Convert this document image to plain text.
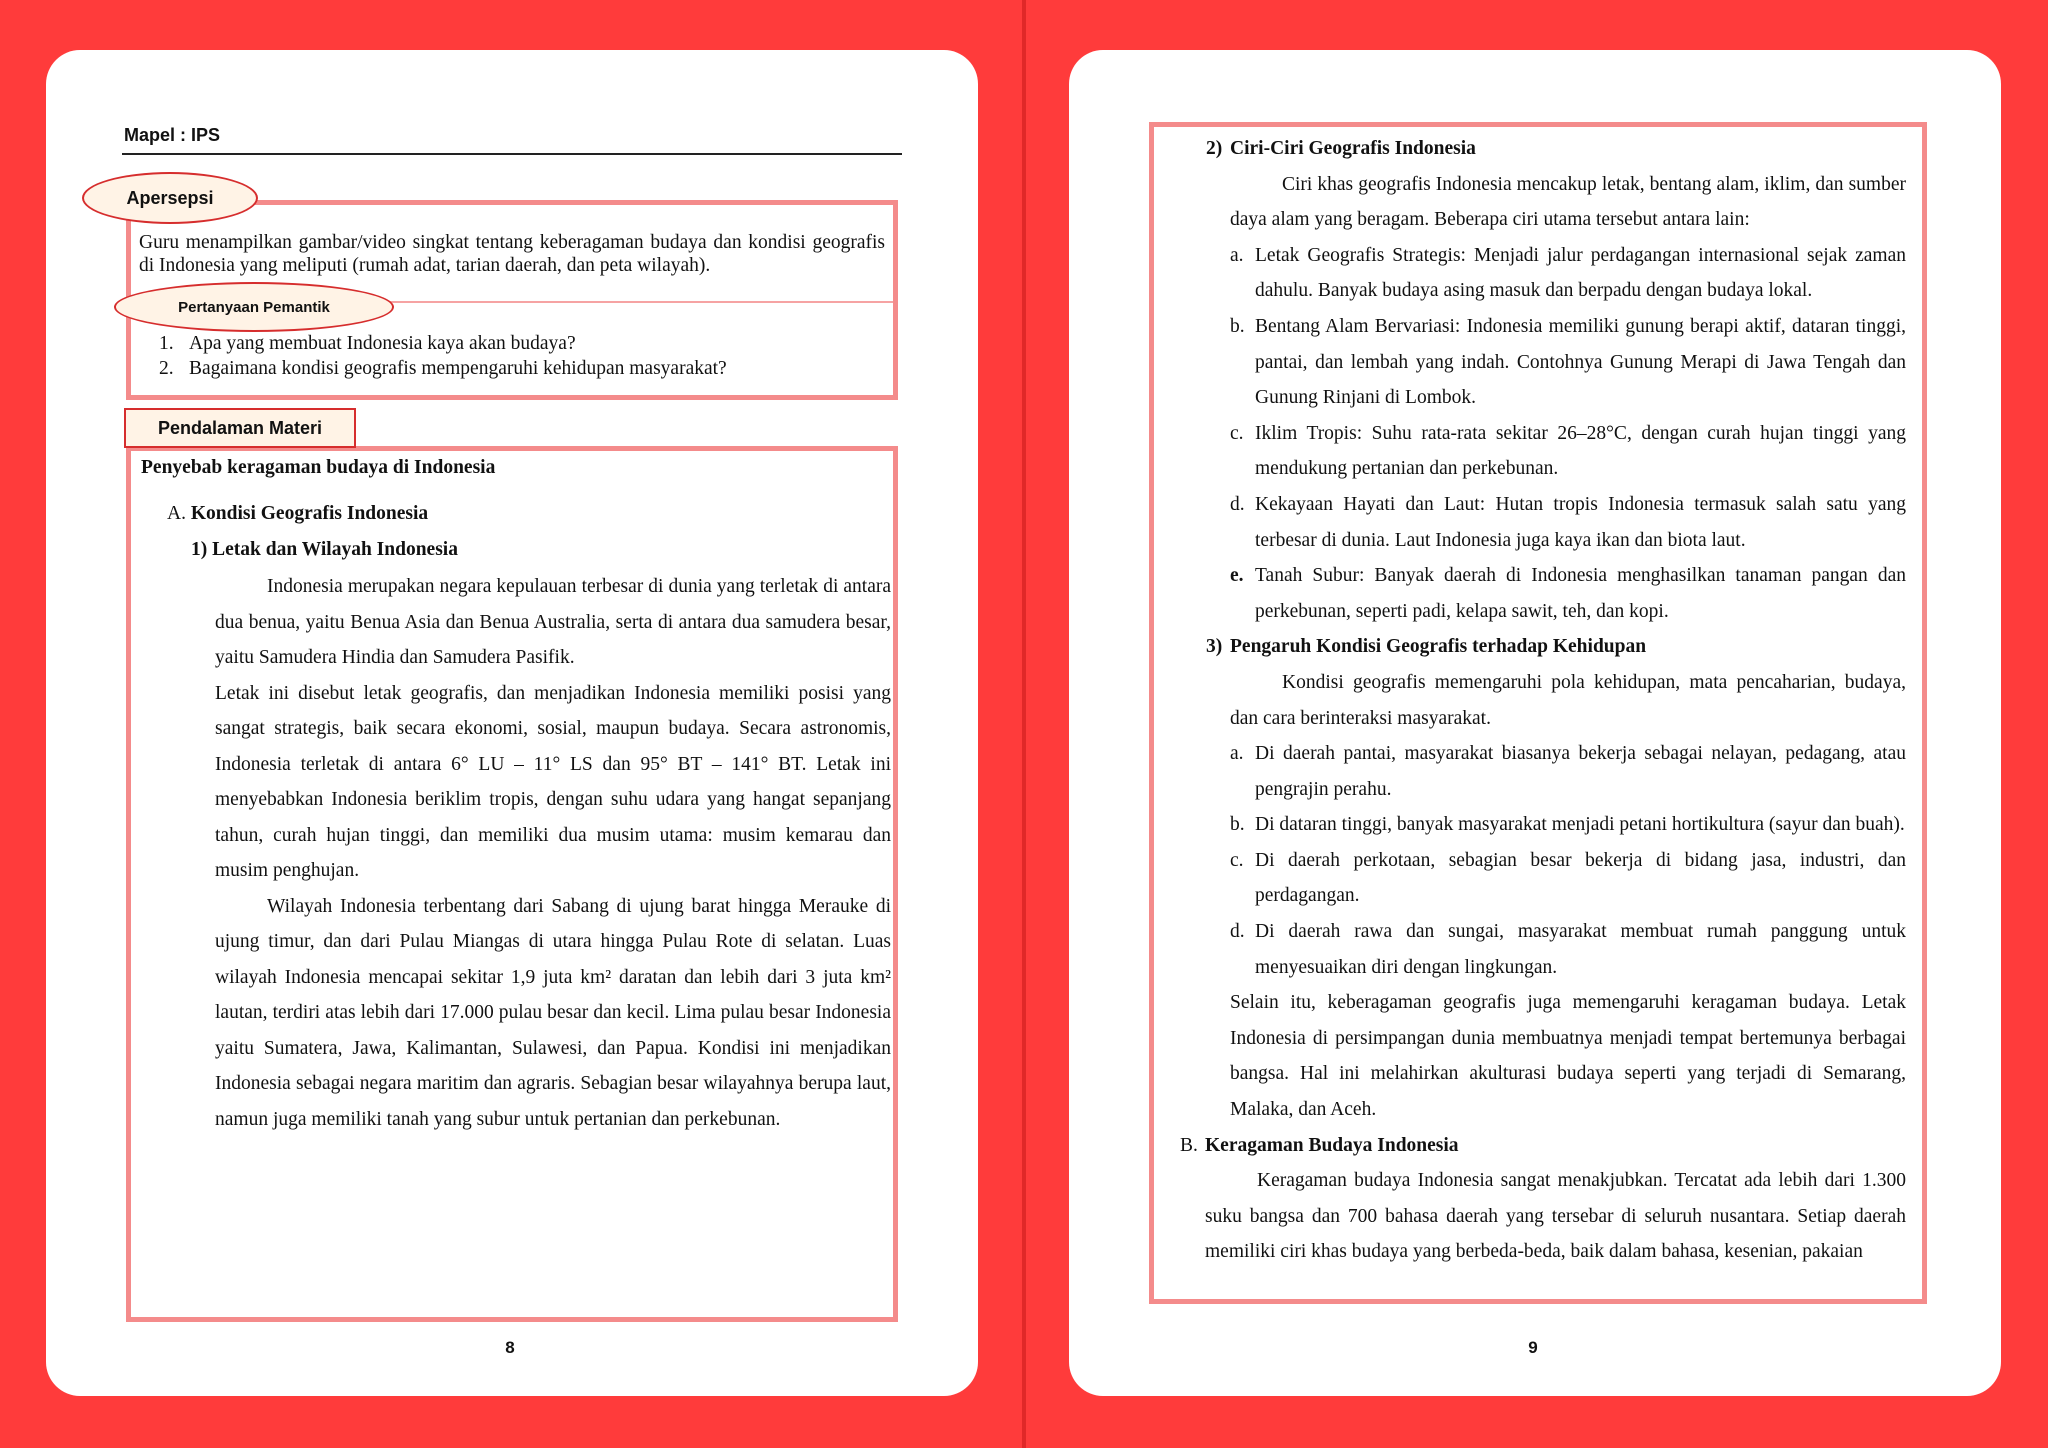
Mapel : IPS
Guru menampilkan gambar/video singkat tentang keberagaman budaya dan kondisi geografis di Indonesia yang meliputi (rumah adat, tarian daerah, dan peta wilayah).
1. Apa yang membuat Indonesia kaya akan budaya?
2. Bagaimana kondisi geografis mempengaruhi kehidupan masyarakat?
Apersepsi
Pertanyaan Pemantik
Penyebab keragaman budaya di Indonesia
A. Kondisi Geografis Indonesia
1) Letak dan Wilayah Indonesia

Indonesia merupakan negara kepulauan terbesar di dunia yang terletak di antara dua benua, yaitu Benua Asia dan Benua Australia, serta di antara dua samudera besar, yaitu Samudera Hindia dan Samudera Pasifik.

Letak ini disebut letak geografis, dan menjadikan Indonesia memiliki posisi yang sangat strategis, baik secara ekonomi, sosial, maupun budaya. Secara astronomis, Indonesia terletak di antara 6° LU – 11° LS dan 95° BT – 141° BT. Letak ini menyebabkan Indonesia beriklim tropis, dengan suhu udara yang hangat sepanjang tahun, curah hujan tinggi, dan memiliki dua musim utama: musim kemarau dan musim penghujan.

Wilayah Indonesia terbentang dari Sabang di ujung barat hingga Merauke di ujung timur, dan dari Pulau Miangas di utara hingga Pulau Rote di selatan. Luas wilayah Indonesia mencapai sekitar 1,9 juta km² daratan dan lebih dari 3 juta km² lautan, terdiri atas lebih dari 17.000 pulau besar dan kecil. Lima pulau besar Indonesia yaitu Sumatera, Jawa, Kalimantan, Sulawesi, dan Papua. Kondisi ini menjadikan Indonesia sebagai negara maritim dan agraris. Sebagian besar wilayahnya berupa laut, namun juga memiliki tanah yang subur untuk pertanian dan perkebunan.

Pendalaman Materi
8
2) Ciri-Ciri Geografis Indonesia

Ciri khas geografis Indonesia mencakup letak, bentang alam, iklim, dan sumber daya alam yang beragam. Beberapa ciri utama tersebut antara lain:

a. Letak Geografis Strategis: Menjadi jalur perdagangan internasional sejak zaman dahulu. Banyak budaya asing masuk dan berpadu dengan budaya lokal.
b. Bentang Alam Bervariasi: Indonesia memiliki gunung berapi aktif, dataran tinggi, pantai, dan lembah yang indah. Contohnya Gunung Merapi di Jawa Tengah dan Gunung Rinjani di Lombok.
c. Iklim Tropis: Suhu rata-rata sekitar 26–28°C, dengan curah hujan tinggi yang mendukung pertanian dan perkebunan.
d. Kekayaan Hayati dan Laut: Hutan tropis Indonesia termasuk salah satu yang terbesar di dunia. Laut Indonesia juga kaya ikan dan biota laut.
e. Tanah Subur: Banyak daerah di Indonesia menghasilkan tanaman pangan dan perkebunan, seperti padi, kelapa sawit, teh, dan kopi.
3) Pengaruh Kondisi Geografis terhadap Kehidupan

Kondisi geografis memengaruhi pola kehidupan, mata pencaharian, budaya, dan cara berinteraksi masyarakat.

a. Di daerah pantai, masyarakat biasanya bekerja sebagai nelayan, pedagang, atau pengrajin perahu.
b. Di dataran tinggi, banyak masyarakat menjadi petani hortikultura (sayur dan buah).
c. Di daerah perkotaan, sebagian besar bekerja di bidang jasa, industri, dan perdagangan.
d. Di daerah rawa dan sungai, masyarakat membuat rumah panggung untuk menyesuaikan diri dengan lingkungan.

Selain itu, keberagaman geografis juga memengaruhi keragaman budaya. Letak Indonesia di persimpangan dunia membuatnya menjadi tempat bertemunya berbagai bangsa. Hal ini melahirkan akulturasi budaya seperti yang terjadi di Semarang, Malaka, dan Aceh.

B. Keragaman Budaya Indonesia

Keragaman budaya Indonesia sangat menakjubkan. Tercatat ada lebih dari 1.300 suku bangsa dan 700 bahasa daerah yang tersebar di seluruh nusantara. Setiap daerah memiliki ciri khas budaya yang berbeda-beda, baik dalam bahasa, kesenian, pakaian

9
